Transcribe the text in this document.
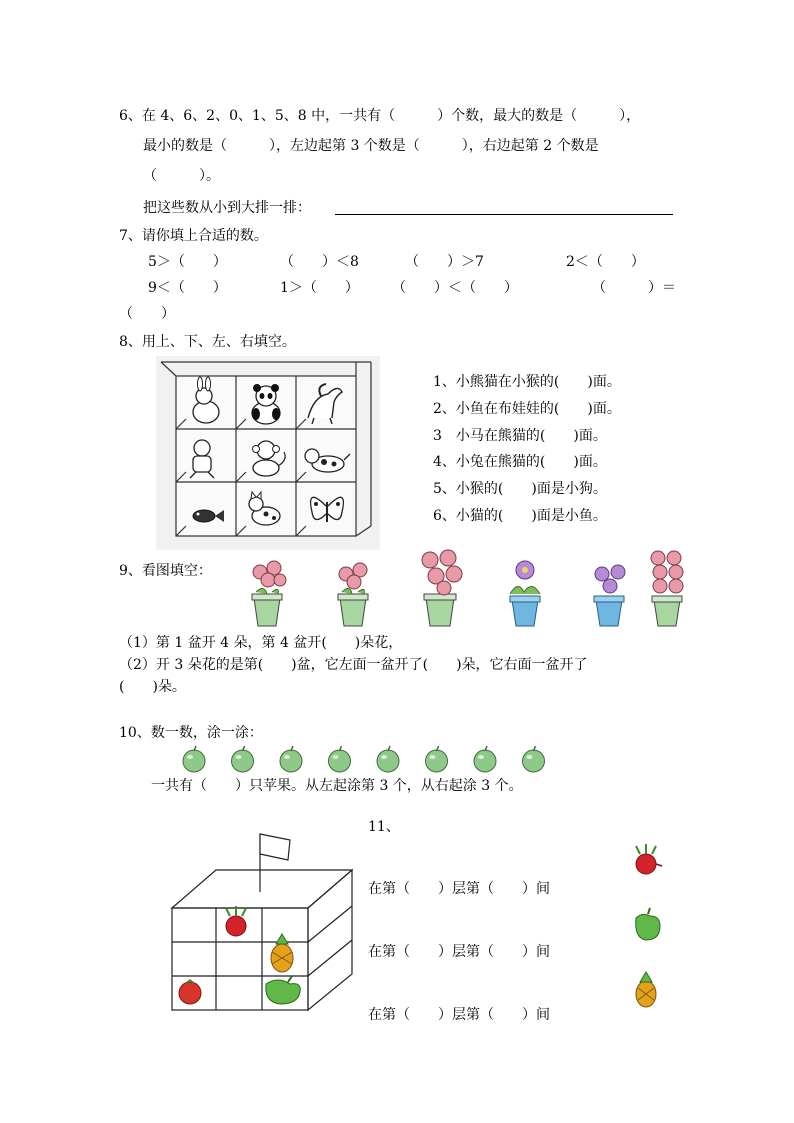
6、在 4、6、2、0、1、5、8 中，一共有（　　　）个数，最大的数是（　　　），
最小的数是（　　　），左边起第 3 个数是（　　　），右边起第 2 个数是
（　　　）。
把这些数从小到大排一排：
7、请你填上合适的数。
5＞（　　）	（　　）＜8	（　　）＞7	2＜（　　）
9＜（　　）	1＞（　　） （　　）＜（　　）	（　　　）＝
（　　）
8、用上、下、左、右填空。
1、小熊猫在小猴的(　　)面。
2、小鱼在布娃娃的(　　)面。
3　小马在熊猫的(　　)面。
4、小兔在熊猫的(　　)面。
5、小猴的(　　)面是小狗。
6、小猫的(　　)面是小鱼。
9、看图填空：
（1）第 1 盆开 4 朵，第 4 盆开(　　)朵花，
（2）开 3 朵花的是第(　　)盆，它左面一盆开了(　　)朵，它右面一盆开了
(　　)朵。
10、数一数，涂一涂：
一共有（　　）只苹果。从左起涂第 3 个，从右起涂 3 个。
11、
在第（　　）层第（　　）间
在第（　　）层第（　　）间
在第（　　）层第（　　）间
